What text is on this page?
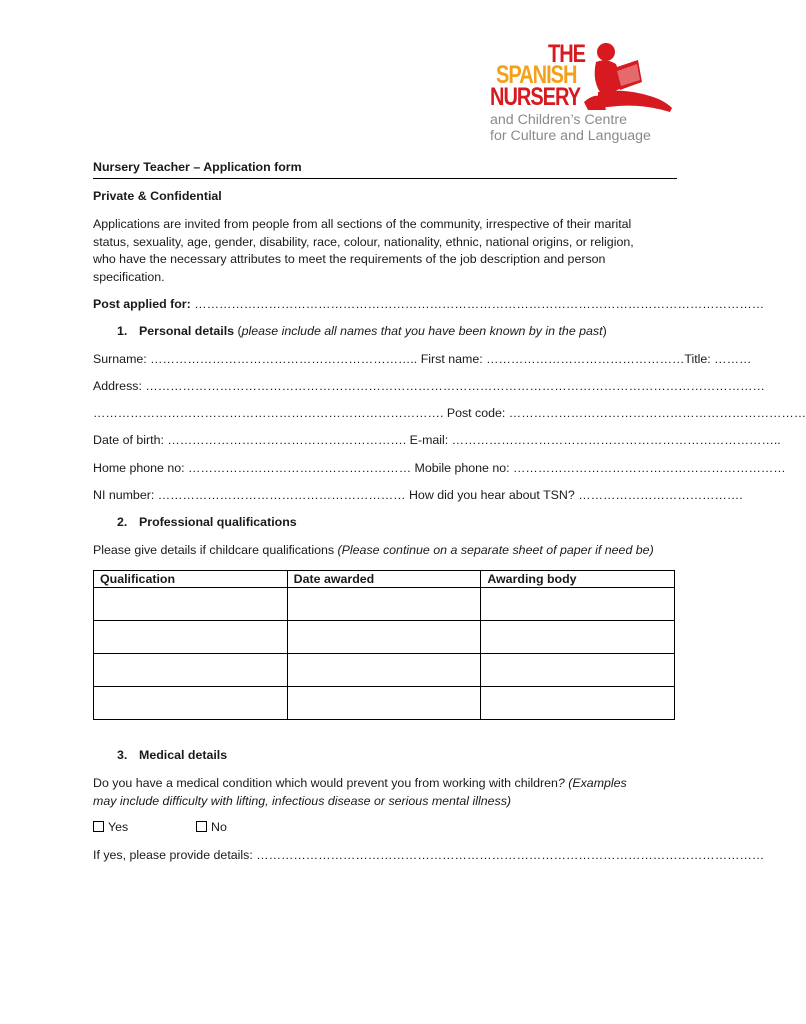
THE
SPANISH
NURSERY
and Children’s Centre
for Culture and Language
Nursery Teacher – Application form
Private & Confidential
Applications are invited from people from all sections of the community, irrespective of their marital
status, sexuality, age, gender, disability, race, colour, nationality, ethnic, national origins, or religion,
who have the necessary attributes to meet the requirements of the job description and person
specification.
Post applied for: …………………………………………………………………………………………………………………………
1. Personal details (please include all names that you have been known by in the past)
Surname: ……………………………………………………….. First name: …………………………………………Title: ………
Address: ……………………………………………………………………………………………………………………………………
…………………………………………………………………………. Post code: ………………………………………………………………
Date of birth: …………………………………………………. E-mail: ……………………………………………………………………..
Home phone no: ……………………………………………… Mobile phone no: …………………………………………………………
NI number: …………………………………………………… How did you hear about TSN? ………………………………….
2. Professional qualifications
Please give details if childcare qualifications (Please continue on a separate sheet of paper if need be)
Qualification	Date awarded	Awarding body

3. Medical details
Do you have a medical condition which would prevent you from working with children? (Examples
may include difficulty with lifting, infectious disease or serious mental illness)
Yes	No
If yes, please provide details: ……………………………………………………………………………………………………………
